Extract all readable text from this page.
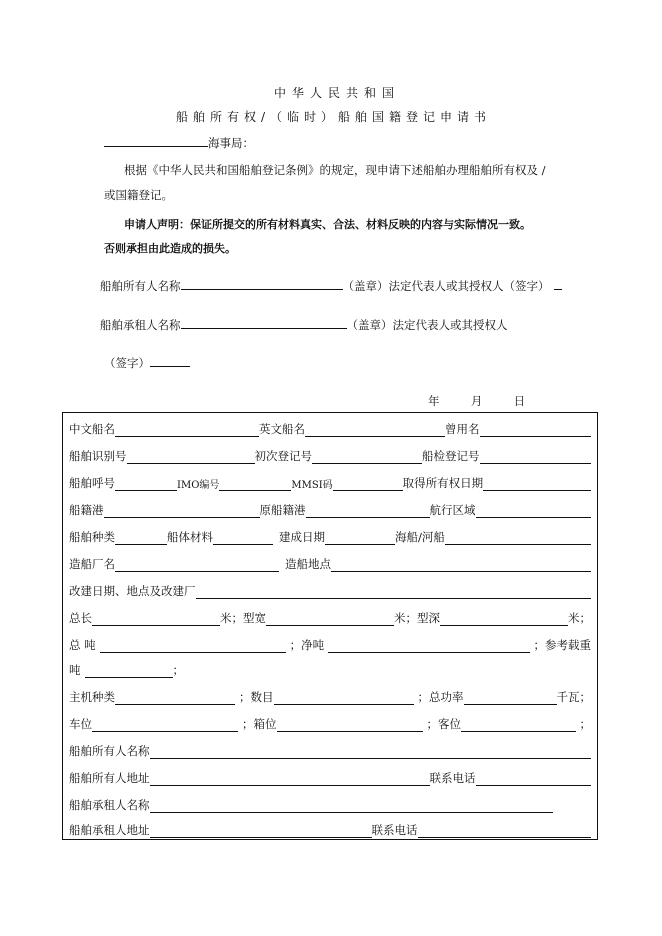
中华人民共和国
船舶所有权/（临时）船舶国籍登记申请书
海事局：
根据《中华人民共和国船舶登记条例》的规定，现申请下述船舶办理船舶所有权及 /
或国籍登记。
申请人声明：保证所提交的所有材料真实、合法、材料反映的内容与实际情况一致。
否则承担由此造成的损失。
船舶所有人名称	（盖章）法定代表人或其授权人（签字）
船舶承租人名称	（盖章）法定代表人或其授权人
（签字）
年	月	日
中文船名	英文船名	曾用名
船舶识别号	初次登记号	船检登记号
船舶呼号	IMO编号	MMSI码	取得所有权日期
船籍港	原船籍港	航行区域
船舶种类	船体材料	建成日期	海船/河船
造船厂名	造船地点
改建日期、地点及改建厂
总长	米；型宽	米；型深	米；
总 吨	；净吨	；参考载重
吨	；
主机种类	；数目	；总功率	千瓦；
车位	；箱位	；客位	；
船舶所有人名称
船舶所有人地址	联系电话
船舶承租人名称
船舶承租人地址	联系电话
